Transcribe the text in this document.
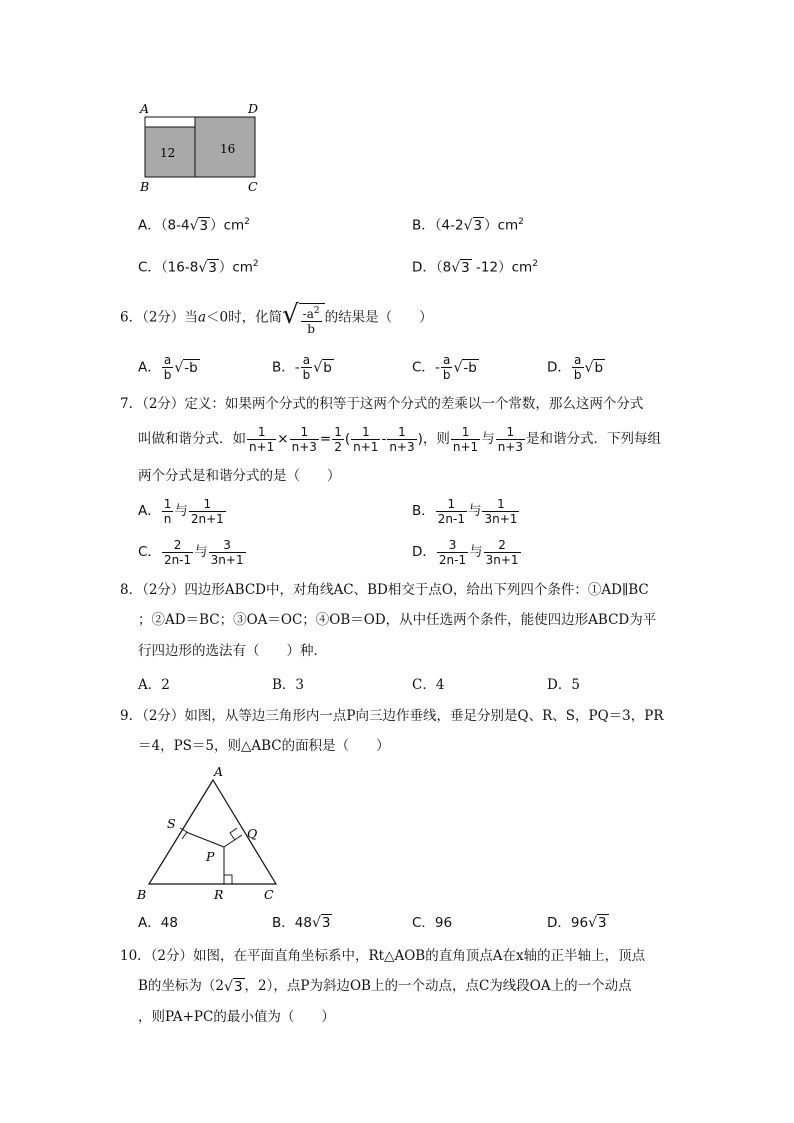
A	D
B	C
12	16
A．（8-4√3 ）$cm^2$	B．（4-2√3 ）$cm^2$
C．（16-8√3 ）$cm^2$	D．（8√3 $-12)cm^2$
6．（2分）当a＜0时，化简√ $\frac{-a^2}{b}$ 的结果是（　　）
A． $\frac{a}{b} √-b$	B．- $\frac{a}{b} √b$	C．- $\frac{a}{b} √-b$	D． $\frac{a}{b} √b$
7．（2分）定义：如果两个分式的积等于这两个分式的差乘以一个常数，那么这两个分式
叫做和谐分式．如 $\frac{1}{n+1} \times \frac{1}{n+3} = \frac{1}{2}$ ( $\frac{1}{n+1} - \frac{1}{n+3}$ )，则 $\frac{1}{n+1}$ 与 $\frac{1}{n+3}$ 是和谐分式．下列每组
两个分式是和谐分式的是（　　）
A． $\frac{1}{n}$ 与 $\frac{1}{2n+1}$	B． $\frac{1}{2n-1}$ 与 $\frac{1}{3n+1}$
C． $\frac{2}{2n-1}$ 与 $\frac{3}{3n+1}$	D． $\frac{3}{2n-1}$ 与 $\frac{2}{3n+1}$
8．（2分）四边形ABCD中，对角线AC、BD相交于点O，给出下列四个条件：①AD∥BC
；②AD＝BC；③OA＝OC；④OB＝OD，从中任选两个条件，能使四边形ABCD为平
行四边形的选法有（　　）种．
A．2	B．3	C．4	D．5
9．（2分）如图，从等边三角形内一点P向三边作垂线，垂足分别是Q、R、S，PQ＝3，PR
＝4，PS＝5，则△ABC的面积是（　　）
A
B	C
P
Q
R
S
A．48	B．48√3	C．96	D．96√3
10．（2分）如图，在平面直角坐标系中，Rt△AOB的直角顶点A在x轴的正半轴上，顶点
B的坐标为（2√3 ，2），点P为斜边OB上的一个动点，点C为线段OA上的一个动点
，则PA+PC的最小值为（　　）
